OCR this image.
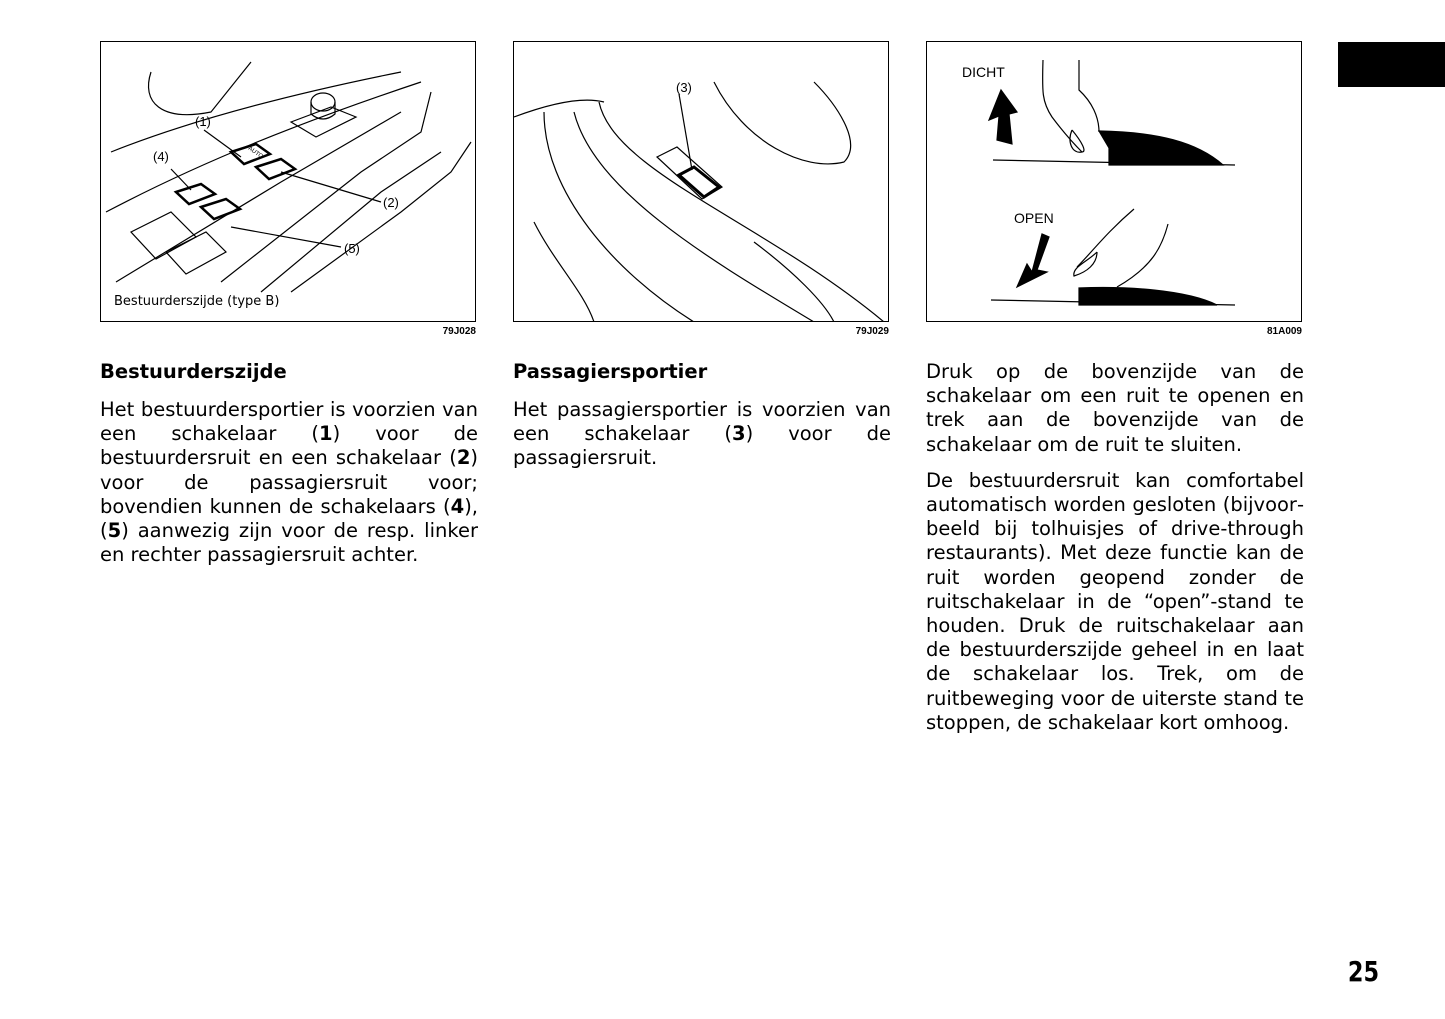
(1)
(2)
(4)
(5)
AUTO
Bestuurderszijde (type B)
79J028
(3)
79J029
DICHT
OPEN
81A009
Bestuurderszijde

Het bestuurdersportier is voorzien van een schakelaar (1) voor de bestuurdersruit en een schakelaar (2) voor de passagiersruit voor; bovendien kunnen de schakelaars (4), (5) aanwezig zijn voor de resp. linker en rechter passagiersruit achter.

Passagiersportier

Het passagiersportier is voorzien van een schakelaar (3) voor de passagiersruit.

Druk op de bovenzijde van de schakelaar om een ruit te openen en trek aan de bovenzijde van de schakelaar om de ruit te sluiten.

De bestuurdersruit kan comfortabel automatisch worden gesloten (bijvoorbeeld bij tolhuisjes of drive-through restaurants). Met deze functie kan de ruit worden geopend zonder de ruitschakelaar in de “open”-stand te houden. Druk de ruitschakelaar aan de bestuurderszijde geheel in en laat de schakelaar los. Trek, om de ruitbeweging voor de uiterste stand te stoppen, de schakelaar kort omhoog.

25
